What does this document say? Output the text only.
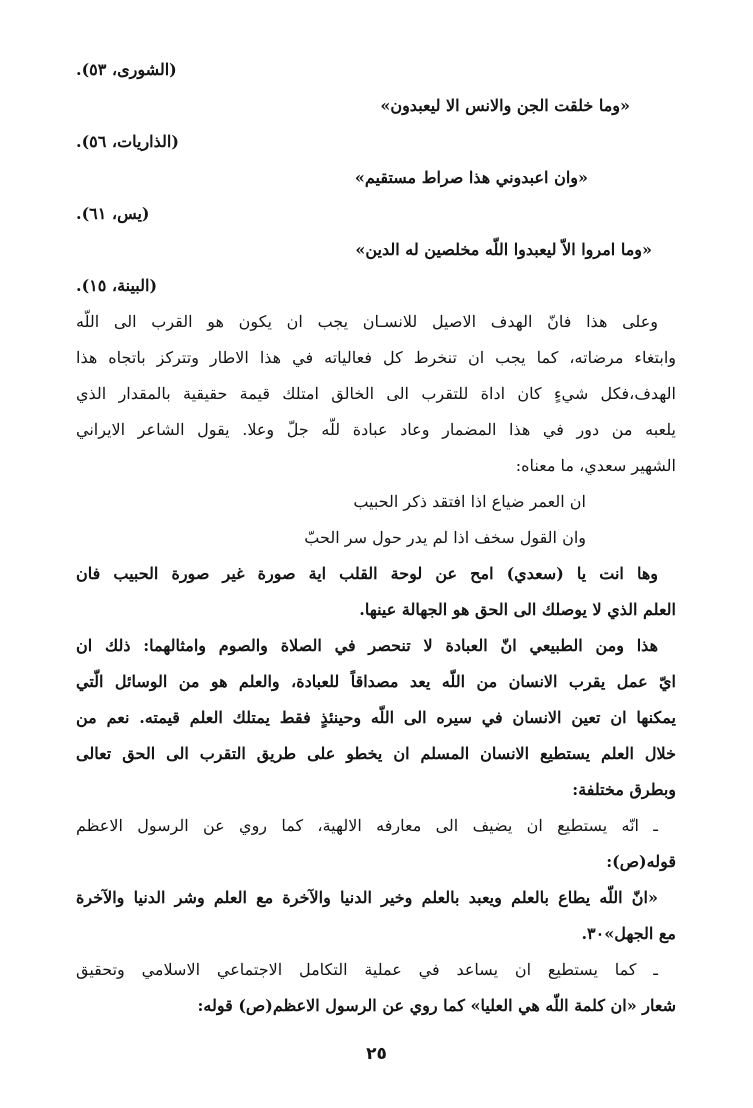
(الشورى، ٥٣).
«وما خلقت الجن والانس الا ليعبدون»
(الذاريات، ٥٦).
«وان اعبدوني هذا صراط مستقيم»
(يس، ٦١).
«وما امروا الاّ ليعبدوا اللّه مخلصين له الدين»
(البينة، ١٥).
وعلى هذا فانّ الهدف الاصيل للانسـان يجب ان يكون هو القرب الى اللّه
وابتغاء مرضاته، كما يجب ان تنخرط كل فعالياته في هذا الاطار وتتركز باتجاه هذا
الهدف،فكل شيءٍ كان اداة للتقرب الى الخالق امتلك قيمة حقيقية بالمقدار الذي
يلعبه من دور في هذا المضمار وعاد عبادة للّه جلّ وعلا. يقول الشاعر الايراني
الشهير سعدي، ما معناه:
ان العمر ضياع اذا افتقد ذكر الحبيب
وان القول سخف اذا لم يدر حول سر الحبّ
وها انت يا (سعدي) امح عن لوحة القلب اية صورة غير صورة الحبيب فان
العلم الذي لا يوصلك الى الحق هو الجهالة عينها.
هذا ومن الطبيعي انّ العبادة لا تنحصر في الصلاة والصوم وامثالهما: ذلك ان
ايّ عمل يقرب الانسان من اللّه يعد مصداقاً للعبادة، والعلم هو من الوسائل الّتي
يمكنها ان تعين الانسان في سيره الى اللّه وحينئذٍ فقط يمتلك العلم قيمته. نعم من
خلال العلم يستطيع الانسان المسلم ان يخطو على طريق التقرب الى الحق تعالى
وبطرق مختلفة:
ـ انّه يستطيع ان يضيف الى معارفه الالهية، كما روي عن الرسول الاعظم
قوله(ص):
«انّ اللّه يطاع بالعلم ويعبد بالعلم وخير الدنيا والآخرة مع العلم وشر الدنيا والآخرة
مع الجهل»٣٠.
ـ كما يستطيع ان يساعد في عملية التكامل الاجتماعي الاسلامي وتحقيق
شعار «ان كلمة اللّه هي العليا» كما روي عن الرسول الاعظم(ص) قوله:
٢٥
